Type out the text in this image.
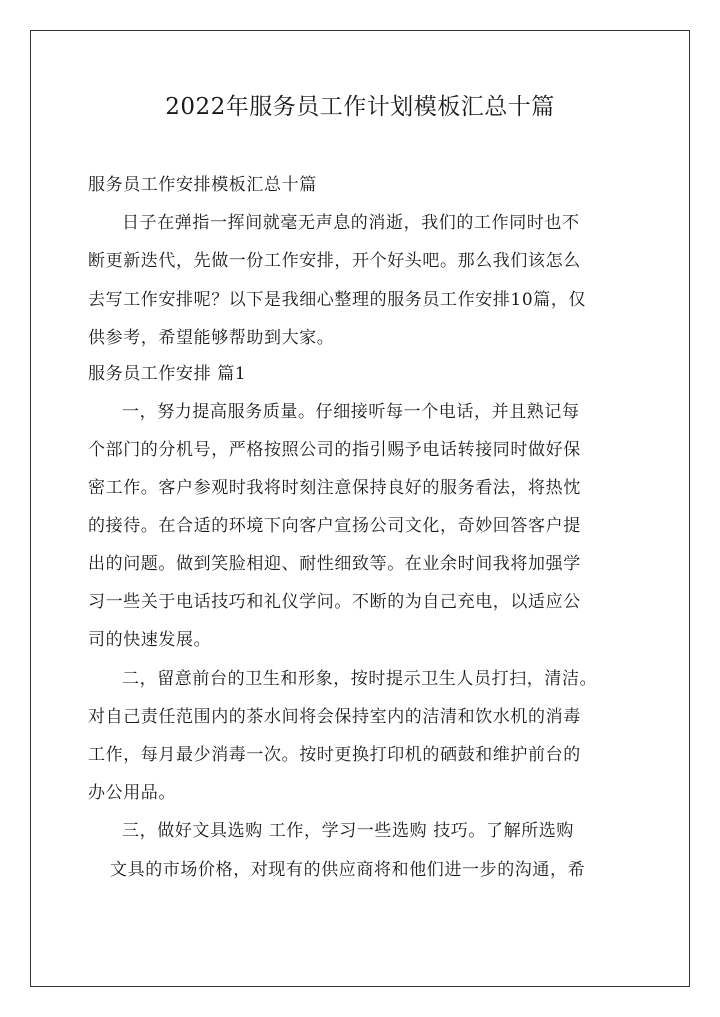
2022年服务员工作计划模板汇总十篇
服务员工作安排模板汇总十篇
日子在弹指一挥间就毫无声息的消逝，我们的工作同时也不
断更新迭代，先做一份工作安排，开个好头吧。那么我们该怎么
去写工作安排呢？以下是我细心整理的服务员工作安排10篇，仅
供参考，希望能够帮助到大家。
服务员工作安排 篇1
一，努力提高服务质量。仔细接听每一个电话，并且熟记每
个部门的分机号，严格按照公司的指引赐予电话转接同时做好保
密工作。客户参观时我将时刻注意保持良好的服务看法，将热忱
的接待。在合适的环境下向客户宣扬公司文化，奇妙回答客户提
出的问题。做到笑脸相迎、耐性细致等。在业余时间我将加强学
习一些关于电话技巧和礼仪学问。不断的为自己充电，以适应公
司的快速发展。
二，留意前台的卫生和形象，按时提示卫生人员打扫，清洁。
对自己责任范围内的茶水间将会保持室内的洁清和饮水机的消毒
工作，每月最少消毒一次。按时更换打印机的硒鼓和维护前台的
办公用品。
三，做好文具选购 工作，学习一些选购 技巧。了解所选购
文具的市场价格，对现有的供应商将和他们进一步的沟通，希
